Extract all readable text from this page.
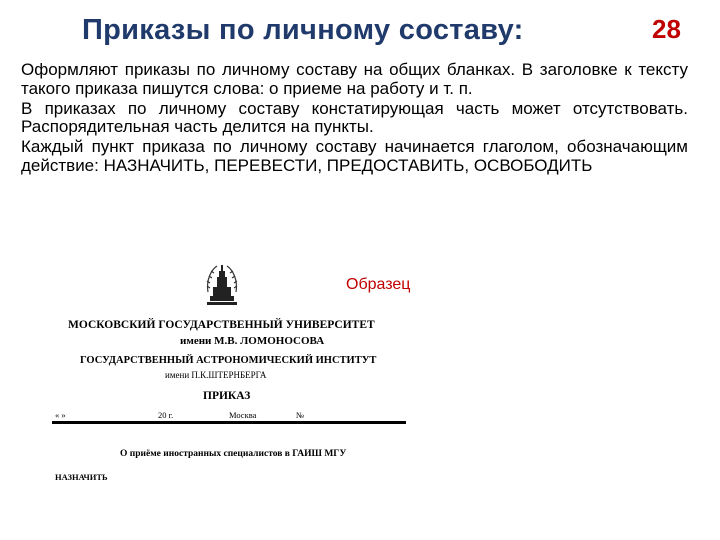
Приказы по личному составу:	28

Оформляют приказы по личному составу на общих бланках. В заголовке к тексту такого приказа пишутся слова: о приеме на работу и т. п.

В приказах по личному составу констатирующая часть может отсутствовать. Распорядительная часть делится на пункты.

Каждый пункт приказа по личному составу начинается глаголом, обозначающим действие: НАЗНАЧИТЬ, ПЕРЕВЕСТИ, ПРЕДОСТАВИТЬ, ОСВОБОДИТЬ

Образец
МОСКОВСКИЙ ГОСУДАРСТВЕННЫЙ УНИВЕРСИТЕТ
имени М.В. ЛОМОНОСОВА
ГОСУДАРСТВЕННЫЙ АСТРОНОМИЧЕСКИЙ ИНСТИТУТ
имени П.К.ШТЕРНБЕРГА
ПРИКАЗ
« »	20 г.	Москва	№
О приёме иностранных специалистов в ГАИШ МГУ
НАЗНАЧИТЬ
